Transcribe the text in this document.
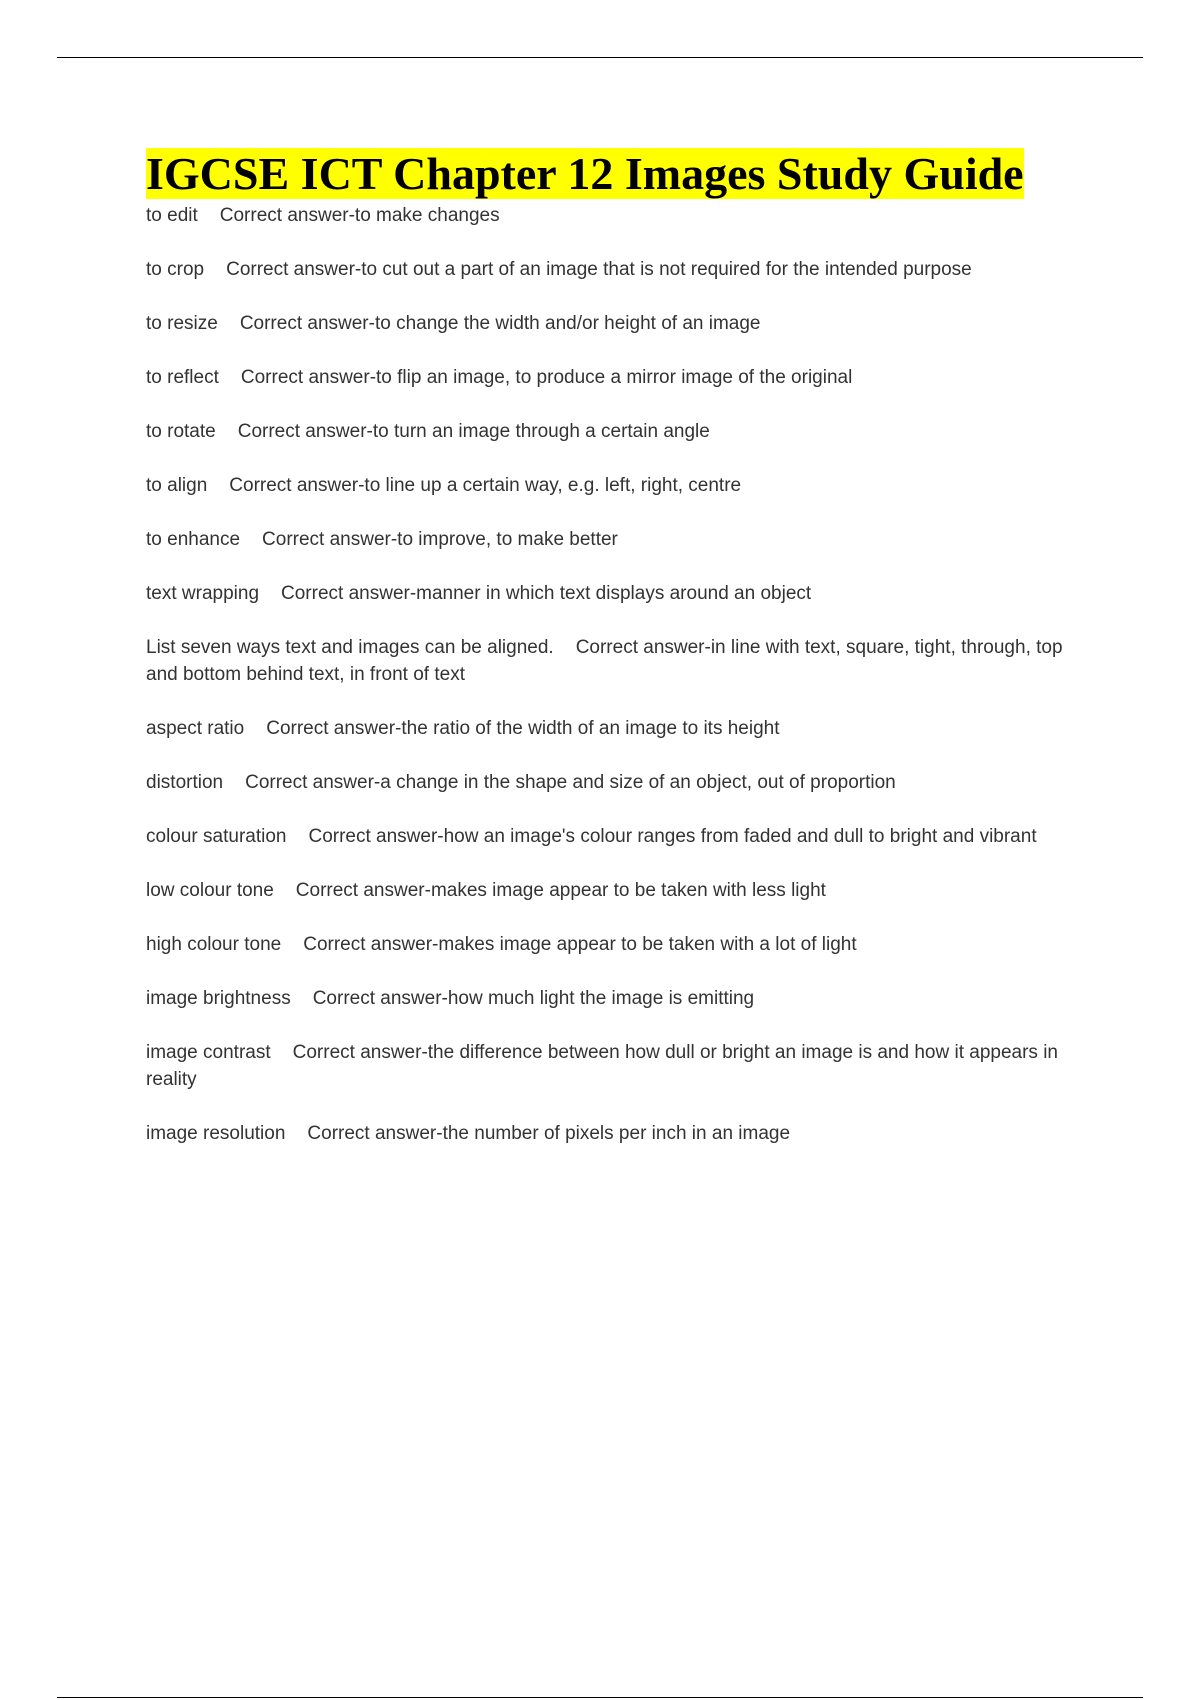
IGCSE ICT Chapter 12 Images Study Guide
to edit Correct answer-to make changes
to crop Correct answer-to cut out a part of an image that is not required for the intended purpose
to resize Correct answer-to change the width and/or height of an image
to reflect Correct answer-to flip an image, to produce a mirror image of the original
to rotate Correct answer-to turn an image through a certain angle
to align Correct answer-to line up a certain way, e.g. left, right, centre
to enhance Correct answer-to improve, to make better
text wrapping Correct answer-manner in which text displays around an object
List seven ways text and images can be aligned. Correct answer-in line with text, square, tight, through, top and bottom behind text, in front of text
aspect ratio Correct answer-the ratio of the width of an image to its height
distortion Correct answer-a change in the shape and size of an object, out of proportion
colour saturation Correct answer-how an image's colour ranges from faded and dull to bright and vibrant
low colour tone Correct answer-makes image appear to be taken with less light
high colour tone Correct answer-makes image appear to be taken with a lot of light
image brightness Correct answer-how much light the image is emitting
image contrast Correct answer-the difference between how dull or bright an image is and how it appears in reality
image resolution Correct answer-the number of pixels per inch in an image
